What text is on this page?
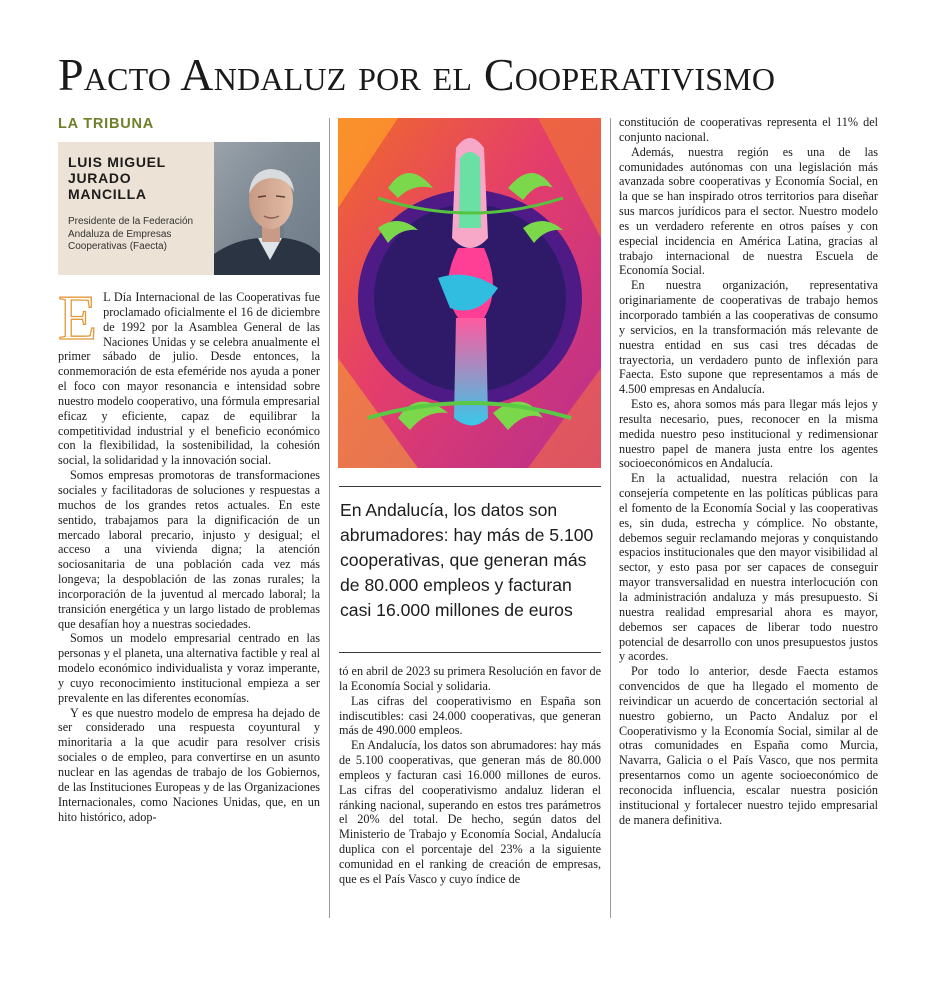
Pacto Andaluz por el Cooperativismo
LA TRIBUNA
LUIS MIGUEL JURADO MANCILLA
Presidente de la Federación Andaluza de Empresas Cooperativas (Faecta)
E L Día Internacional de las Cooperativas fue proclamado oficialmente el 16 de diciembre de 1992 por la Asamblea General de las Naciones Unidas y se celebra anualmente el primer sábado de julio. Desde entonces, la conmemoración de esta efeméride nos ayuda a poner el foco con mayor resonancia e intensidad sobre nuestro modelo cooperativo, una fórmula empresarial eficaz y eficiente, capaz de equilibrar la competitividad industrial y el beneficio económico con la flexibilidad, la sostenibilidad, la cohesión social, la solidaridad y la innovación social.

Somos empresas promotoras de transformaciones sociales y facilitadoras de soluciones y respuestas a muchos de los grandes retos actuales. En este sentido, trabajamos para la dignificación de un mercado laboral precario, injusto y desigual; el acceso a una vivienda digna; la atención sociosanitaria de una población cada vez más longeva; la despoblación de las zonas rurales; la incorporación de la juventud al mercado laboral; la transición energética y un largo listado de problemas que desafían hoy a nuestras sociedades.

Somos un modelo empresarial centrado en las personas y el planeta, una alternativa factible y real al modelo económico individualista y voraz imperante, y cuyo reconocimiento institucional empieza a ser prevalente en las diferentes economías.

Y es que nuestro modelo de empresa ha dejado de ser considerado una respuesta coyuntural y minoritaria a la que acudir para resolver crisis sociales o de empleo, para convertirse en un asunto nuclear en las agendas de trabajo de los Gobiernos, de las Instituciones Europeas y de las Organizaciones Internacionales, como Naciones Unidas, que, en un hito histórico, adop-

En Andalucía, los datos son abrumadores: hay más de 5.100 cooperativas, que generan más de 80.000 empleos y facturan casi 16.000 millones de euros

tó en abril de 2023 su primera Resolución en favor de la Economía Social y solidaria.

Las cifras del cooperativismo en España son indiscutibles: casi 24.000 cooperativas, que generan más de 490.000 empleos.

En Andalucía, los datos son abrumadores: hay más de 5.100 cooperativas, que generan más de 80.000 empleos y facturan casi 16.000 millones de euros. Las cifras del cooperativismo andaluz lideran el ránking nacional, superando en estos tres parámetros el 20% del total. De hecho, según datos del Ministerio de Trabajo y Economía Social, Andalucía duplica con el porcentaje del 23% a la siguiente comunidad en el ranking de creación de empresas, que es el País Vasco y cuyo índice de

constitución de cooperativas representa el 11% del conjunto nacional.

Además, nuestra región es una de las comunidades autónomas con una legislación más avanzada sobre cooperativas y Economía Social, en la que se han inspirado otros territorios para diseñar sus marcos jurídicos para el sector. Nuestro modelo es un verdadero referente en otros países y con especial incidencia en América Latina, gracias al trabajo internacional de nuestra Escuela de Economía Social.

En nuestra organización, representativa originariamente de cooperativas de trabajo hemos incorporado también a las cooperativas de consumo y servicios, en la transformación más relevante de nuestra entidad en sus casi tres décadas de trayectoria, un verdadero punto de inflexión para Faecta. Esto supone que representamos a más de 4.500 empresas en Andalucía.

Esto es, ahora somos más para llegar más lejos y resulta necesario, pues, reconocer en la misma medida nuestro peso institucional y redimensionar nuestro papel de manera justa entre los agentes socioeconómicos en Andalucía.

En la actualidad, nuestra relación con la consejería competente en las políticas públicas para el fomento de la Economía Social y las cooperativas es, sin duda, estrecha y cómplice. No obstante, debemos seguir reclamando mejoras y conquistando espacios institucionales que den mayor visibilidad al sector, y esto pasa por ser capaces de conseguir mayor transversalidad en nuestra interlocución con la administración andaluza y más presupuesto. Si nuestra realidad empresarial ahora es mayor, debemos ser capaces de liberar todo nuestro potencial de desarrollo con unos presupuestos justos y acordes.

Por todo lo anterior, desde Faecta estamos convencidos de que ha llegado el momento de reivindicar un acuerdo de concertación sectorial al nuestro gobierno, un Pacto Andaluz por el Cooperativismo y la Economía Social, similar al de otras comunidades en España como Murcia, Navarra, Galicia o el País Vasco, que nos permita presentarnos como un agente socioeconómico de reconocida influencia, escalar nuestra posición institucional y fortalecer nuestro tejido empresarial de manera definitiva.
